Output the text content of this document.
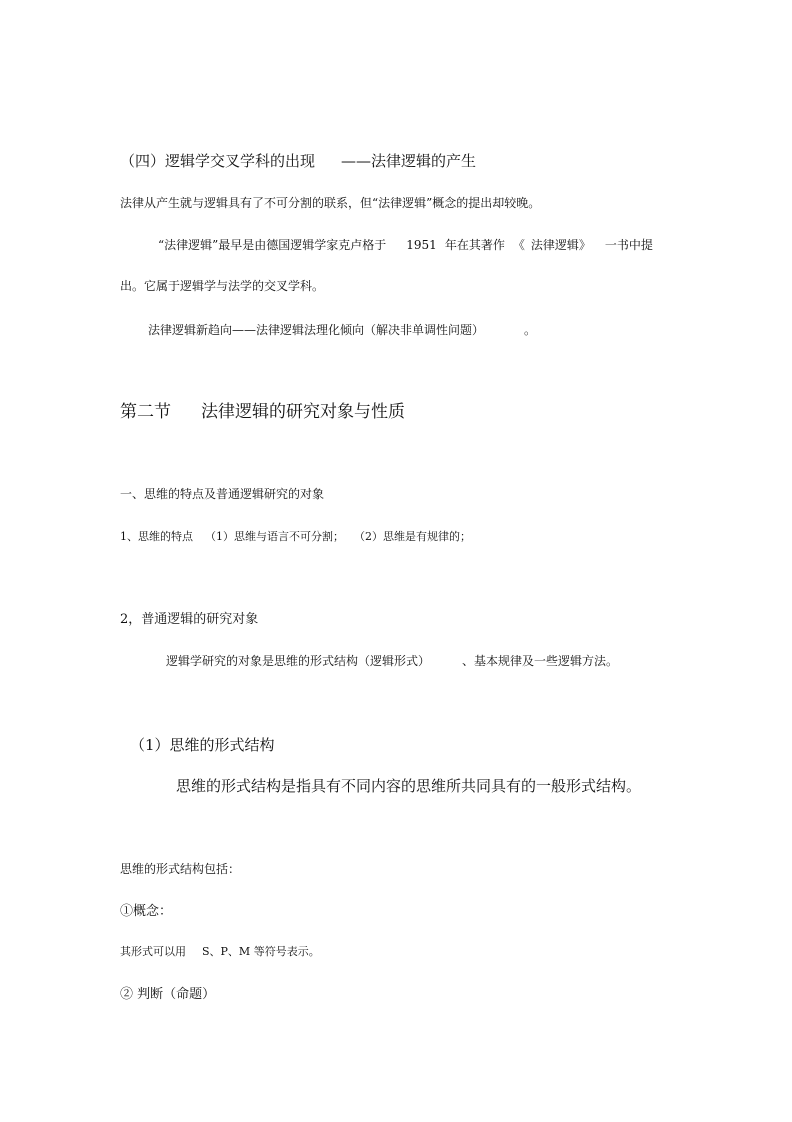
（四）逻辑学交叉学科的出现 ——法律逻辑的产生
法律从产生就与逻辑具有了不可分割的联系，但“法律逻辑”概念的提出却较晚。
“法律逻辑”最早是由德国逻辑学家克卢格于 1951 年在其著作 《 法律逻辑》 一书中提
出。它属于逻辑学与法学的交叉学科。
法律逻辑新趋向——法律逻辑法理化倾向（解决非单调性问题）	。
第二节 法律逻辑的研究对象与性质
一、思维的特点及普通逻辑研究的对象
1、思维的特点 （1）思维与语言不可分割； （2）思维是有规律的；
2，普通逻辑的研究对象
逻辑学研究的对象是思维的形式结构（逻辑形式）	、基本规律及一些逻辑方法。
（1）思维的形式结构
思维的形式结构是指具有不同内容的思维所共同具有的一般形式结构。
思维的形式结构包括：
①概念：
其形式可以用 S、P、M 等符号表示。
② 判断（命题）
